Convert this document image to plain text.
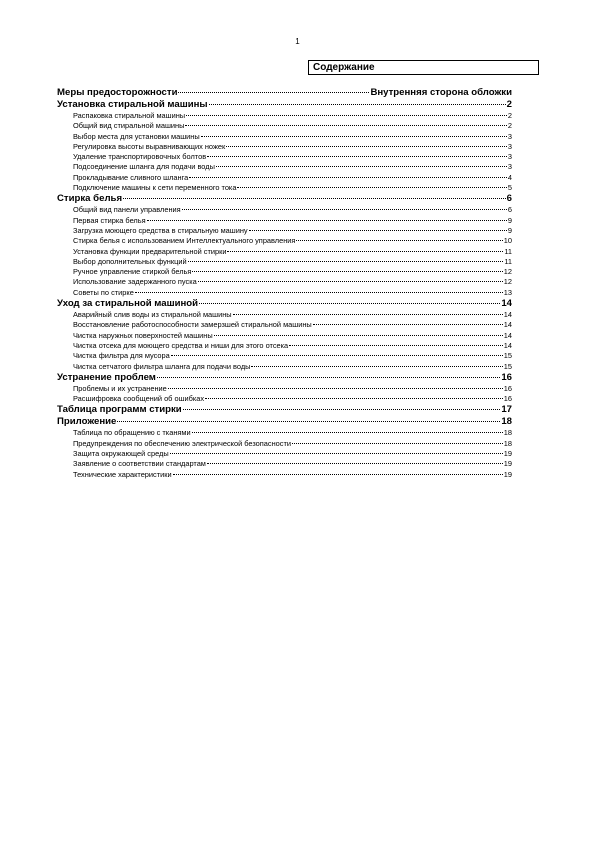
1
Содержание
Меры предосторожности	Внутренняя сторона обложки
Установка стиральной машины	2
Распаковка стиральной машины	2
Общий вид стиральной машины	2
Выбор места для установки машины	3
Регулировка высоты выравнивающих ножек	3
Удаление транспортировочных болтов	3
Подсоединение шланга для подачи воды	3
Прокладывание сливного шланга	4
Подключение машины к сети переменного тока	5
Стирка белья	6
Общий вид панели управления	6
Первая стирка белья	9
Загрузка моющего средства в стиральную машину	9
Стирка белья с использованием Интеллектуального управления	10
Установка функции предварительной стирки	11
Выбор дополнительных функций	11
Ручное управление стиркой белья	12
Использование задержанного пуска	12
Советы по стирке	13
Уход за стиральной машиной	14
Аварийный слив воды из стиральной машины	14
Восстановление работоспособности замерзшей стиральной машины	14
Чистка наружных поверхностей машины	14
Чистка отсека для моющего средства и ниши для этого отсека	14
Чистка фильтра для мусора	15
Чистка сетчатого фильтра шланга для подачи воды	15
Устранение проблем	16
Проблемы и их устранение	16
Расшифровка сообщений об ошибках	16
Таблица программ стирки	17
Приложение	18
Таблица по обращению с тканями	18
Предупреждения по обеспечению электрической безопасности	18
Защита окружающей среды	19
Заявление о соответствии стандартам	19
Технические характеристики	19
